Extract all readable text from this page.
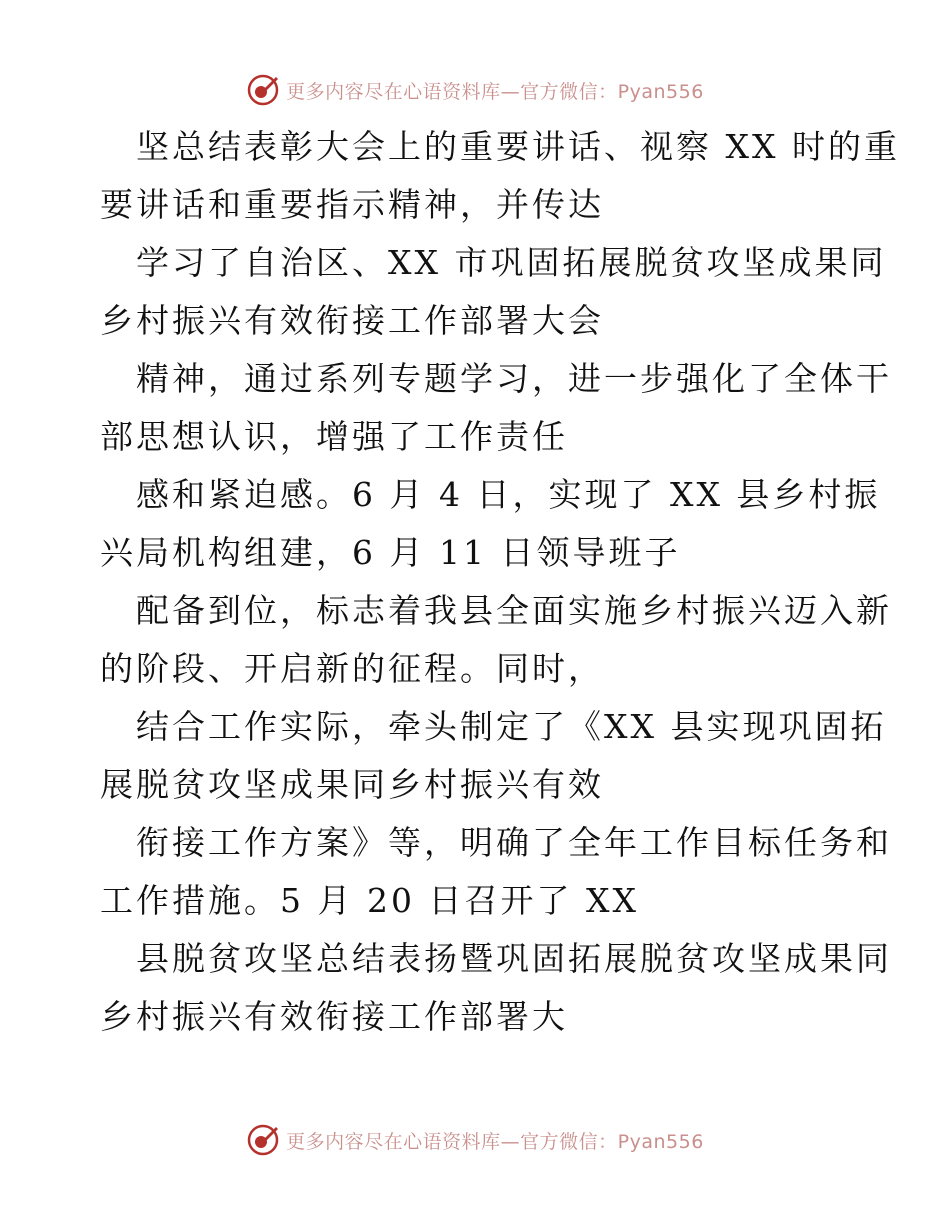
更多内容尽在心语资料库—官方微信：Pyan556

坚总结表彰大会上的重要讲话、视察 XX 时的重
要讲话和重要指示精神，并传达

学习了自治区、XX 市巩固拓展脱贫攻坚成果同
乡村振兴有效衔接工作部署大会

精神，通过系列专题学习，进一步强化了全体干
部思想认识，增强了工作责任

感和紧迫感。6 月 4 日，实现了 XX 县乡村振
兴局机构组建，6 月 11 日领导班子

配备到位，标志着我县全面实施乡村振兴迈入新
的阶段、开启新的征程。同时，

结合工作实际，牵头制定了《XX 县实现巩固拓
展脱贫攻坚成果同乡村振兴有效

衔接工作方案》等，明确了全年工作目标任务和
工作措施。5 月 20 日召开了 XX

县脱贫攻坚总结表扬暨巩固拓展脱贫攻坚成果同
乡村振兴有效衔接工作部署大

更多内容尽在心语资料库—官方微信：Pyan556
